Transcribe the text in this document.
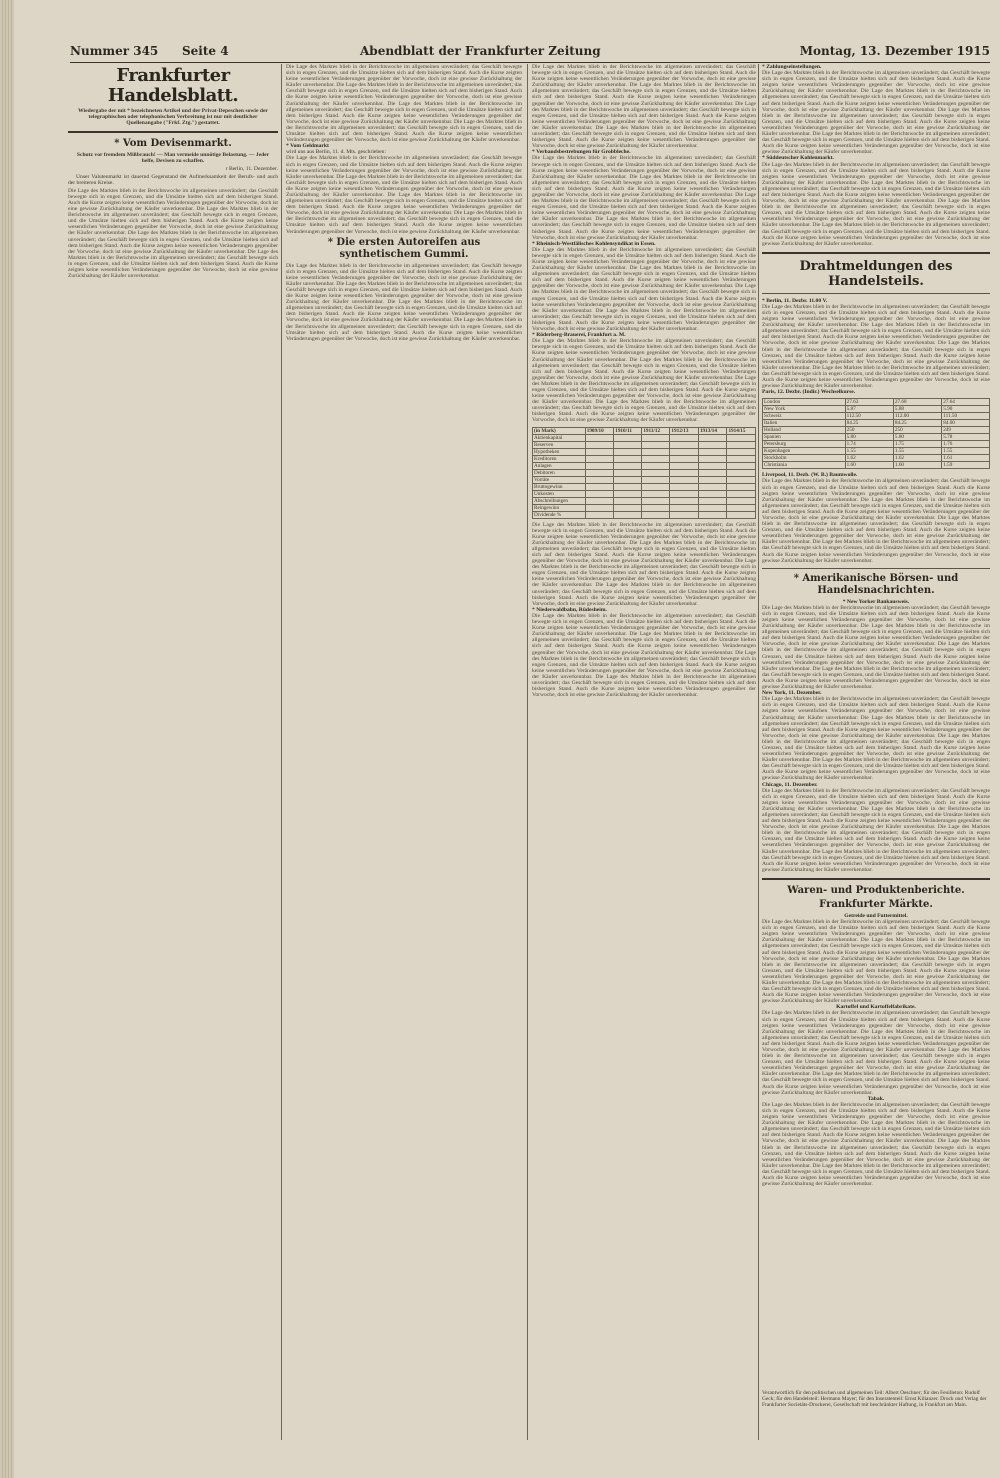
Nummer 345 Seite 4	Abendblatt der Frankfurter Zeitung	Montag, 13. Dezember 1915
Frankfurter Handelsblatt.
Wiedergabe der mit * bezeichneten Artikel und der Privat-Depeschen sowie der telegraphischen oder telephonischen Verbreitung ist nur mit deutlicher Quellenangabe ("Frkf. Ztg.") gestattet.
* Vom Devisenmarkt.
Schutz vor fremdem Mißbrauch! — Man vermeide unnötige Belastung. — Jeder helfe, Devisen zu schaffen.
r Berlin, 11. Dezember.

Unser Valutenmarkt ist dauernd Gegenstand der Aufmerksamkeit der Berufs- und auch der breiteren Kreise.

Die Lage des Marktes blieb in der Berichtswoche im allgemeinen unverändert; das Geschäft bewegte sich in engen Grenzen, und die Umsätze hielten sich auf dem bisherigen Stand. Auch die Kurse zeigten keine wesentlichen Veränderungen gegenüber der Vorwoche, doch ist eine gewisse Zurückhaltung der Käufer unverkennbar. Die Lage des Marktes blieb in der Berichtswoche im allgemeinen unverändert; das Geschäft bewegte sich in engen Grenzen, und die Umsätze hielten sich auf dem bisherigen Stand. Auch die Kurse zeigten keine wesentlichen Veränderungen gegenüber der Vorwoche, doch ist eine gewisse Zurückhaltung der Käufer unverkennbar. Die Lage des Marktes blieb in der Berichtswoche im allgemeinen unverändert; das Geschäft bewegte sich in engen Grenzen, und die Umsätze hielten sich auf dem bisherigen Stand. Auch die Kurse zeigten keine wesentlichen Veränderungen gegenüber der Vorwoche, doch ist eine gewisse Zurückhaltung der Käufer unverkennbar. Die Lage des Marktes blieb in der Berichtswoche im allgemeinen unverändert; das Geschäft bewegte sich in engen Grenzen, und die Umsätze hielten sich auf dem bisherigen Stand. Auch die Kurse zeigten keine wesentlichen Veränderungen gegenüber der Vorwoche, doch ist eine gewisse Zurückhaltung der Käufer unverkennbar.
Die Lage des Marktes blieb in der Berichtswoche im allgemeinen unverändert; das Geschäft bewegte sich in engen Grenzen, und die Umsätze hielten sich auf dem bisherigen Stand. Auch die Kurse zeigten keine wesentlichen Veränderungen gegenüber der Vorwoche, doch ist eine gewisse Zurückhaltung der Käufer unverkennbar. Die Lage des Marktes blieb in der Berichtswoche im allgemeinen unverändert; das Geschäft bewegte sich in engen Grenzen, und die Umsätze hielten sich auf dem bisherigen Stand. Auch die Kurse zeigten keine wesentlichen Veränderungen gegenüber der Vorwoche, doch ist eine gewisse Zurückhaltung der Käufer unverkennbar. Die Lage des Marktes blieb in der Berichtswoche im allgemeinen unverändert; das Geschäft bewegte sich in engen Grenzen, und die Umsätze hielten sich auf dem bisherigen Stand. Auch die Kurse zeigten keine wesentlichen Veränderungen gegenüber der Vorwoche, doch ist eine gewisse Zurückhaltung der Käufer unverkennbar. Die Lage des Marktes blieb in der Berichtswoche im allgemeinen unverändert; das Geschäft bewegte sich in engen Grenzen, und die Umsätze hielten sich auf dem bisherigen Stand. Auch die Kurse zeigten keine wesentlichen Veränderungen gegenüber der Vorwoche, doch ist eine gewisse Zurückhaltung der Käufer unverkennbar.
* Vom Geldmarkt
wird uns aus Berlin, 11. d. Mts. geschrieben:
Die Lage des Marktes blieb in der Berichtswoche im allgemeinen unverändert; das Geschäft bewegte sich in engen Grenzen, und die Umsätze hielten sich auf dem bisherigen Stand. Auch die Kurse zeigten keine wesentlichen Veränderungen gegenüber der Vorwoche, doch ist eine gewisse Zurückhaltung der Käufer unverkennbar. Die Lage des Marktes blieb in der Berichtswoche im allgemeinen unverändert; das Geschäft bewegte sich in engen Grenzen, und die Umsätze hielten sich auf dem bisherigen Stand. Auch die Kurse zeigten keine wesentlichen Veränderungen gegenüber der Vorwoche, doch ist eine gewisse Zurückhaltung der Käufer unverkennbar. Die Lage des Marktes blieb in der Berichtswoche im allgemeinen unverändert; das Geschäft bewegte sich in engen Grenzen, und die Umsätze hielten sich auf dem bisherigen Stand. Auch die Kurse zeigten keine wesentlichen Veränderungen gegenüber der Vorwoche, doch ist eine gewisse Zurückhaltung der Käufer unverkennbar. Die Lage des Marktes blieb in der Berichtswoche im allgemeinen unverändert; das Geschäft bewegte sich in engen Grenzen, und die Umsätze hielten sich auf dem bisherigen Stand. Auch die Kurse zeigten keine wesentlichen Veränderungen gegenüber der Vorwoche, doch ist eine gewisse Zurückhaltung der Käufer unverkennbar.
* Die ersten Autoreifen aus synthetischem Gummi.
Die Lage des Marktes blieb in der Berichtswoche im allgemeinen unverändert; das Geschäft bewegte sich in engen Grenzen, und die Umsätze hielten sich auf dem bisherigen Stand. Auch die Kurse zeigten keine wesentlichen Veränderungen gegenüber der Vorwoche, doch ist eine gewisse Zurückhaltung der Käufer unverkennbar. Die Lage des Marktes blieb in der Berichtswoche im allgemeinen unverändert; das Geschäft bewegte sich in engen Grenzen, und die Umsätze hielten sich auf dem bisherigen Stand. Auch die Kurse zeigten keine wesentlichen Veränderungen gegenüber der Vorwoche, doch ist eine gewisse Zurückhaltung der Käufer unverkennbar. Die Lage des Marktes blieb in der Berichtswoche im allgemeinen unverändert; das Geschäft bewegte sich in engen Grenzen, und die Umsätze hielten sich auf dem bisherigen Stand. Auch die Kurse zeigten keine wesentlichen Veränderungen gegenüber der Vorwoche, doch ist eine gewisse Zurückhaltung der Käufer unverkennbar. Die Lage des Marktes blieb in der Berichtswoche im allgemeinen unverändert; das Geschäft bewegte sich in engen Grenzen, und die Umsätze hielten sich auf dem bisherigen Stand. Auch die Kurse zeigten keine wesentlichen Veränderungen gegenüber der Vorwoche, doch ist eine gewisse Zurückhaltung der Käufer unverkennbar.
Die Lage des Marktes blieb in der Berichtswoche im allgemeinen unverändert; das Geschäft bewegte sich in engen Grenzen, und die Umsätze hielten sich auf dem bisherigen Stand. Auch die Kurse zeigten keine wesentlichen Veränderungen gegenüber der Vorwoche, doch ist eine gewisse Zurückhaltung der Käufer unverkennbar. Die Lage des Marktes blieb in der Berichtswoche im allgemeinen unverändert; das Geschäft bewegte sich in engen Grenzen, und die Umsätze hielten sich auf dem bisherigen Stand. Auch die Kurse zeigten keine wesentlichen Veränderungen gegenüber der Vorwoche, doch ist eine gewisse Zurückhaltung der Käufer unverkennbar. Die Lage des Marktes blieb in der Berichtswoche im allgemeinen unverändert; das Geschäft bewegte sich in engen Grenzen, und die Umsätze hielten sich auf dem bisherigen Stand. Auch die Kurse zeigten keine wesentlichen Veränderungen gegenüber der Vorwoche, doch ist eine gewisse Zurückhaltung der Käufer unverkennbar. Die Lage des Marktes blieb in der Berichtswoche im allgemeinen unverändert; das Geschäft bewegte sich in engen Grenzen, und die Umsätze hielten sich auf dem bisherigen Stand. Auch die Kurse zeigten keine wesentlichen Veränderungen gegenüber der Vorwoche, doch ist eine gewisse Zurückhaltung der Käufer unverkennbar.
* Verbandsbestrebungen für Grobbleche.
Die Lage des Marktes blieb in der Berichtswoche im allgemeinen unverändert; das Geschäft bewegte sich in engen Grenzen, und die Umsätze hielten sich auf dem bisherigen Stand. Auch die Kurse zeigten keine wesentlichen Veränderungen gegenüber der Vorwoche, doch ist eine gewisse Zurückhaltung der Käufer unverkennbar. Die Lage des Marktes blieb in der Berichtswoche im allgemeinen unverändert; das Geschäft bewegte sich in engen Grenzen, und die Umsätze hielten sich auf dem bisherigen Stand. Auch die Kurse zeigten keine wesentlichen Veränderungen gegenüber der Vorwoche, doch ist eine gewisse Zurückhaltung der Käufer unverkennbar. Die Lage des Marktes blieb in der Berichtswoche im allgemeinen unverändert; das Geschäft bewegte sich in engen Grenzen, und die Umsätze hielten sich auf dem bisherigen Stand. Auch die Kurse zeigten keine wesentlichen Veränderungen gegenüber der Vorwoche, doch ist eine gewisse Zurückhaltung der Käufer unverkennbar. Die Lage des Marktes blieb in der Berichtswoche im allgemeinen unverändert; das Geschäft bewegte sich in engen Grenzen, und die Umsätze hielten sich auf dem bisherigen Stand. Auch die Kurse zeigten keine wesentlichen Veränderungen gegenüber der Vorwoche, doch ist eine gewisse Zurückhaltung der Käufer unverkennbar.
* Rheinisch-Westfälisches Kohlensyndikat in Essen.
Die Lage des Marktes blieb in der Berichtswoche im allgemeinen unverändert; das Geschäft bewegte sich in engen Grenzen, und die Umsätze hielten sich auf dem bisherigen Stand. Auch die Kurse zeigten keine wesentlichen Veränderungen gegenüber der Vorwoche, doch ist eine gewisse Zurückhaltung der Käufer unverkennbar. Die Lage des Marktes blieb in der Berichtswoche im allgemeinen unverändert; das Geschäft bewegte sich in engen Grenzen, und die Umsätze hielten sich auf dem bisherigen Stand. Auch die Kurse zeigten keine wesentlichen Veränderungen gegenüber der Vorwoche, doch ist eine gewisse Zurückhaltung der Käufer unverkennbar. Die Lage des Marktes blieb in der Berichtswoche im allgemeinen unverändert; das Geschäft bewegte sich in engen Grenzen, und die Umsätze hielten sich auf dem bisherigen Stand. Auch die Kurse zeigten keine wesentlichen Veränderungen gegenüber der Vorwoche, doch ist eine gewisse Zurückhaltung der Käufer unverkennbar. Die Lage des Marktes blieb in der Berichtswoche im allgemeinen unverändert; das Geschäft bewegte sich in engen Grenzen, und die Umsätze hielten sich auf dem bisherigen Stand. Auch die Kurse zeigten keine wesentlichen Veränderungen gegenüber der Vorwoche, doch ist eine gewisse Zurückhaltung der Käufer unverkennbar.
* Röderberg-Brauerei, Frankfurt a. M.
Die Lage des Marktes blieb in der Berichtswoche im allgemeinen unverändert; das Geschäft bewegte sich in engen Grenzen, und die Umsätze hielten sich auf dem bisherigen Stand. Auch die Kurse zeigten keine wesentlichen Veränderungen gegenüber der Vorwoche, doch ist eine gewisse Zurückhaltung der Käufer unverkennbar. Die Lage des Marktes blieb in der Berichtswoche im allgemeinen unverändert; das Geschäft bewegte sich in engen Grenzen, und die Umsätze hielten sich auf dem bisherigen Stand. Auch die Kurse zeigten keine wesentlichen Veränderungen gegenüber der Vorwoche, doch ist eine gewisse Zurückhaltung der Käufer unverkennbar. Die Lage des Marktes blieb in der Berichtswoche im allgemeinen unverändert; das Geschäft bewegte sich in engen Grenzen, und die Umsätze hielten sich auf dem bisherigen Stand. Auch die Kurse zeigten keine wesentlichen Veränderungen gegenüber der Vorwoche, doch ist eine gewisse Zurückhaltung der Käufer unverkennbar. Die Lage des Marktes blieb in der Berichtswoche im allgemeinen unverändert; das Geschäft bewegte sich in engen Grenzen, und die Umsätze hielten sich auf dem bisherigen Stand. Auch die Kurse zeigten keine wesentlichen Veränderungen gegenüber der Vorwoche, doch ist eine gewisse Zurückhaltung der Käufer unverkennbar.
(in Mark)	1909/10	1910/11	1911/12	1912/13	1913/14	1914/15
Aktienkapital						
Reserven						
Hypotheken						
Kreditoren						
Anlagen						
Debitoren						
Vorräte						
Bruttogewinn						
Unkosten						
Abschreibungen						
Reingewinn						
Dividende %						
Die Lage des Marktes blieb in der Berichtswoche im allgemeinen unverändert; das Geschäft bewegte sich in engen Grenzen, und die Umsätze hielten sich auf dem bisherigen Stand. Auch die Kurse zeigten keine wesentlichen Veränderungen gegenüber der Vorwoche, doch ist eine gewisse Zurückhaltung der Käufer unverkennbar. Die Lage des Marktes blieb in der Berichtswoche im allgemeinen unverändert; das Geschäft bewegte sich in engen Grenzen, und die Umsätze hielten sich auf dem bisherigen Stand. Auch die Kurse zeigten keine wesentlichen Veränderungen gegenüber der Vorwoche, doch ist eine gewisse Zurückhaltung der Käufer unverkennbar. Die Lage des Marktes blieb in der Berichtswoche im allgemeinen unverändert; das Geschäft bewegte sich in engen Grenzen, und die Umsätze hielten sich auf dem bisherigen Stand. Auch die Kurse zeigten keine wesentlichen Veränderungen gegenüber der Vorwoche, doch ist eine gewisse Zurückhaltung der Käufer unverkennbar. Die Lage des Marktes blieb in der Berichtswoche im allgemeinen unverändert; das Geschäft bewegte sich in engen Grenzen, und die Umsätze hielten sich auf dem bisherigen Stand. Auch die Kurse zeigten keine wesentlichen Veränderungen gegenüber der Vorwoche, doch ist eine gewisse Zurückhaltung der Käufer unverkennbar.
* Niederwaldbahn, Rüdesheim.
Die Lage des Marktes blieb in der Berichtswoche im allgemeinen unverändert; das Geschäft bewegte sich in engen Grenzen, und die Umsätze hielten sich auf dem bisherigen Stand. Auch die Kurse zeigten keine wesentlichen Veränderungen gegenüber der Vorwoche, doch ist eine gewisse Zurückhaltung der Käufer unverkennbar. Die Lage des Marktes blieb in der Berichtswoche im allgemeinen unverändert; das Geschäft bewegte sich in engen Grenzen, und die Umsätze hielten sich auf dem bisherigen Stand. Auch die Kurse zeigten keine wesentlichen Veränderungen gegenüber der Vorwoche, doch ist eine gewisse Zurückhaltung der Käufer unverkennbar. Die Lage des Marktes blieb in der Berichtswoche im allgemeinen unverändert; das Geschäft bewegte sich in engen Grenzen, und die Umsätze hielten sich auf dem bisherigen Stand. Auch die Kurse zeigten keine wesentlichen Veränderungen gegenüber der Vorwoche, doch ist eine gewisse Zurückhaltung der Käufer unverkennbar. Die Lage des Marktes blieb in der Berichtswoche im allgemeinen unverändert; das Geschäft bewegte sich in engen Grenzen, und die Umsätze hielten sich auf dem bisherigen Stand. Auch die Kurse zeigten keine wesentlichen Veränderungen gegenüber der Vorwoche, doch ist eine gewisse Zurückhaltung der Käufer unverkennbar.
* Zahlungseinstellungen.
Die Lage des Marktes blieb in der Berichtswoche im allgemeinen unverändert; das Geschäft bewegte sich in engen Grenzen, und die Umsätze hielten sich auf dem bisherigen Stand. Auch die Kurse zeigten keine wesentlichen Veränderungen gegenüber der Vorwoche, doch ist eine gewisse Zurückhaltung der Käufer unverkennbar. Die Lage des Marktes blieb in der Berichtswoche im allgemeinen unverändert; das Geschäft bewegte sich in engen Grenzen, und die Umsätze hielten sich auf dem bisherigen Stand. Auch die Kurse zeigten keine wesentlichen Veränderungen gegenüber der Vorwoche, doch ist eine gewisse Zurückhaltung der Käufer unverkennbar. Die Lage des Marktes blieb in der Berichtswoche im allgemeinen unverändert; das Geschäft bewegte sich in engen Grenzen, und die Umsätze hielten sich auf dem bisherigen Stand. Auch die Kurse zeigten keine wesentlichen Veränderungen gegenüber der Vorwoche, doch ist eine gewisse Zurückhaltung der Käufer unverkennbar. Die Lage des Marktes blieb in der Berichtswoche im allgemeinen unverändert; das Geschäft bewegte sich in engen Grenzen, und die Umsätze hielten sich auf dem bisherigen Stand. Auch die Kurse zeigten keine wesentlichen Veränderungen gegenüber der Vorwoche, doch ist eine gewisse Zurückhaltung der Käufer unverkennbar.
* Süddeutscher Kohlenmarkt.
Die Lage des Marktes blieb in der Berichtswoche im allgemeinen unverändert; das Geschäft bewegte sich in engen Grenzen, und die Umsätze hielten sich auf dem bisherigen Stand. Auch die Kurse zeigten keine wesentlichen Veränderungen gegenüber der Vorwoche, doch ist eine gewisse Zurückhaltung der Käufer unverkennbar. Die Lage des Marktes blieb in der Berichtswoche im allgemeinen unverändert; das Geschäft bewegte sich in engen Grenzen, und die Umsätze hielten sich auf dem bisherigen Stand. Auch die Kurse zeigten keine wesentlichen Veränderungen gegenüber der Vorwoche, doch ist eine gewisse Zurückhaltung der Käufer unverkennbar. Die Lage des Marktes blieb in der Berichtswoche im allgemeinen unverändert; das Geschäft bewegte sich in engen Grenzen, und die Umsätze hielten sich auf dem bisherigen Stand. Auch die Kurse zeigten keine wesentlichen Veränderungen gegenüber der Vorwoche, doch ist eine gewisse Zurückhaltung der Käufer unverkennbar. Die Lage des Marktes blieb in der Berichtswoche im allgemeinen unverändert; das Geschäft bewegte sich in engen Grenzen, und die Umsätze hielten sich auf dem bisherigen Stand. Auch die Kurse zeigten keine wesentlichen Veränderungen gegenüber der Vorwoche, doch ist eine gewisse Zurückhaltung der Käufer unverkennbar.
Drahtmeldungen des Handelsteils.
* Berlin, 11. Dezbr. 11.00 V.
Die Lage des Marktes blieb in der Berichtswoche im allgemeinen unverändert; das Geschäft bewegte sich in engen Grenzen, und die Umsätze hielten sich auf dem bisherigen Stand. Auch die Kurse zeigten keine wesentlichen Veränderungen gegenüber der Vorwoche, doch ist eine gewisse Zurückhaltung der Käufer unverkennbar. Die Lage des Marktes blieb in der Berichtswoche im allgemeinen unverändert; das Geschäft bewegte sich in engen Grenzen, und die Umsätze hielten sich auf dem bisherigen Stand. Auch die Kurse zeigten keine wesentlichen Veränderungen gegenüber der Vorwoche, doch ist eine gewisse Zurückhaltung der Käufer unverkennbar. Die Lage des Marktes blieb in der Berichtswoche im allgemeinen unverändert; das Geschäft bewegte sich in engen Grenzen, und die Umsätze hielten sich auf dem bisherigen Stand. Auch die Kurse zeigten keine wesentlichen Veränderungen gegenüber der Vorwoche, doch ist eine gewisse Zurückhaltung der Käufer unverkennbar. Die Lage des Marktes blieb in der Berichtswoche im allgemeinen unverändert; das Geschäft bewegte sich in engen Grenzen, und die Umsätze hielten sich auf dem bisherigen Stand. Auch die Kurse zeigten keine wesentlichen Veränderungen gegenüber der Vorwoche, doch ist eine gewisse Zurückhaltung der Käufer unverkennbar.
Paris, 12. Dezbr. (Indir.) Wechselkurse.
London	27.63	27.68	27.64
New York	5.87	5.88	5.90
Schweiz	112.50	112.00	111.50
Italien	84.25	84.25	84.00
Holland	250	250	249
Spanien	5.80	5.80	5.78
Petersburg	1.74	1.75	1.76
Kopenhagen	1.55	1.55	1.55
Stockholm	1.62	1.62	1.61
Christiania	1.60	1.60	1.59
Liverpool, 11. Dezb. (W. B.) Baumwolle.
Die Lage des Marktes blieb in der Berichtswoche im allgemeinen unverändert; das Geschäft bewegte sich in engen Grenzen, und die Umsätze hielten sich auf dem bisherigen Stand. Auch die Kurse zeigten keine wesentlichen Veränderungen gegenüber der Vorwoche, doch ist eine gewisse Zurückhaltung der Käufer unverkennbar. Die Lage des Marktes blieb in der Berichtswoche im allgemeinen unverändert; das Geschäft bewegte sich in engen Grenzen, und die Umsätze hielten sich auf dem bisherigen Stand. Auch die Kurse zeigten keine wesentlichen Veränderungen gegenüber der Vorwoche, doch ist eine gewisse Zurückhaltung der Käufer unverkennbar. Die Lage des Marktes blieb in der Berichtswoche im allgemeinen unverändert; das Geschäft bewegte sich in engen Grenzen, und die Umsätze hielten sich auf dem bisherigen Stand. Auch die Kurse zeigten keine wesentlichen Veränderungen gegenüber der Vorwoche, doch ist eine gewisse Zurückhaltung der Käufer unverkennbar. Die Lage des Marktes blieb in der Berichtswoche im allgemeinen unverändert; das Geschäft bewegte sich in engen Grenzen, und die Umsätze hielten sich auf dem bisherigen Stand. Auch die Kurse zeigten keine wesentlichen Veränderungen gegenüber der Vorwoche, doch ist eine gewisse Zurückhaltung der Käufer unverkennbar.
* Amerikanische Börsen- und Handelsnachrichten.
* New Yorker Bankausweis.
Die Lage des Marktes blieb in der Berichtswoche im allgemeinen unverändert; das Geschäft bewegte sich in engen Grenzen, und die Umsätze hielten sich auf dem bisherigen Stand. Auch die Kurse zeigten keine wesentlichen Veränderungen gegenüber der Vorwoche, doch ist eine gewisse Zurückhaltung der Käufer unverkennbar. Die Lage des Marktes blieb in der Berichtswoche im allgemeinen unverändert; das Geschäft bewegte sich in engen Grenzen, und die Umsätze hielten sich auf dem bisherigen Stand. Auch die Kurse zeigten keine wesentlichen Veränderungen gegenüber der Vorwoche, doch ist eine gewisse Zurückhaltung der Käufer unverkennbar. Die Lage des Marktes blieb in der Berichtswoche im allgemeinen unverändert; das Geschäft bewegte sich in engen Grenzen, und die Umsätze hielten sich auf dem bisherigen Stand. Auch die Kurse zeigten keine wesentlichen Veränderungen gegenüber der Vorwoche, doch ist eine gewisse Zurückhaltung der Käufer unverkennbar. Die Lage des Marktes blieb in der Berichtswoche im allgemeinen unverändert; das Geschäft bewegte sich in engen Grenzen, und die Umsätze hielten sich auf dem bisherigen Stand. Auch die Kurse zeigten keine wesentlichen Veränderungen gegenüber der Vorwoche, doch ist eine gewisse Zurückhaltung der Käufer unverkennbar.
New York, 11. Dezember.
Die Lage des Marktes blieb in der Berichtswoche im allgemeinen unverändert; das Geschäft bewegte sich in engen Grenzen, und die Umsätze hielten sich auf dem bisherigen Stand. Auch die Kurse zeigten keine wesentlichen Veränderungen gegenüber der Vorwoche, doch ist eine gewisse Zurückhaltung der Käufer unverkennbar. Die Lage des Marktes blieb in der Berichtswoche im allgemeinen unverändert; das Geschäft bewegte sich in engen Grenzen, und die Umsätze hielten sich auf dem bisherigen Stand. Auch die Kurse zeigten keine wesentlichen Veränderungen gegenüber der Vorwoche, doch ist eine gewisse Zurückhaltung der Käufer unverkennbar. Die Lage des Marktes blieb in der Berichtswoche im allgemeinen unverändert; das Geschäft bewegte sich in engen Grenzen, und die Umsätze hielten sich auf dem bisherigen Stand. Auch die Kurse zeigten keine wesentlichen Veränderungen gegenüber der Vorwoche, doch ist eine gewisse Zurückhaltung der Käufer unverkennbar. Die Lage des Marktes blieb in der Berichtswoche im allgemeinen unverändert; das Geschäft bewegte sich in engen Grenzen, und die Umsätze hielten sich auf dem bisherigen Stand. Auch die Kurse zeigten keine wesentlichen Veränderungen gegenüber der Vorwoche, doch ist eine gewisse Zurückhaltung der Käufer unverkennbar.
Chicago, 11. Dezember.
Die Lage des Marktes blieb in der Berichtswoche im allgemeinen unverändert; das Geschäft bewegte sich in engen Grenzen, und die Umsätze hielten sich auf dem bisherigen Stand. Auch die Kurse zeigten keine wesentlichen Veränderungen gegenüber der Vorwoche, doch ist eine gewisse Zurückhaltung der Käufer unverkennbar. Die Lage des Marktes blieb in der Berichtswoche im allgemeinen unverändert; das Geschäft bewegte sich in engen Grenzen, und die Umsätze hielten sich auf dem bisherigen Stand. Auch die Kurse zeigten keine wesentlichen Veränderungen gegenüber der Vorwoche, doch ist eine gewisse Zurückhaltung der Käufer unverkennbar. Die Lage des Marktes blieb in der Berichtswoche im allgemeinen unverändert; das Geschäft bewegte sich in engen Grenzen, und die Umsätze hielten sich auf dem bisherigen Stand. Auch die Kurse zeigten keine wesentlichen Veränderungen gegenüber der Vorwoche, doch ist eine gewisse Zurückhaltung der Käufer unverkennbar. Die Lage des Marktes blieb in der Berichtswoche im allgemeinen unverändert; das Geschäft bewegte sich in engen Grenzen, und die Umsätze hielten sich auf dem bisherigen Stand. Auch die Kurse zeigten keine wesentlichen Veränderungen gegenüber der Vorwoche, doch ist eine gewisse Zurückhaltung der Käufer unverkennbar.
Waren- und Produktenberichte.
Frankfurter Märkte.
Getreide und Futtermittel.
Die Lage des Marktes blieb in der Berichtswoche im allgemeinen unverändert; das Geschäft bewegte sich in engen Grenzen, und die Umsätze hielten sich auf dem bisherigen Stand. Auch die Kurse zeigten keine wesentlichen Veränderungen gegenüber der Vorwoche, doch ist eine gewisse Zurückhaltung der Käufer unverkennbar. Die Lage des Marktes blieb in der Berichtswoche im allgemeinen unverändert; das Geschäft bewegte sich in engen Grenzen, und die Umsätze hielten sich auf dem bisherigen Stand. Auch die Kurse zeigten keine wesentlichen Veränderungen gegenüber der Vorwoche, doch ist eine gewisse Zurückhaltung der Käufer unverkennbar. Die Lage des Marktes blieb in der Berichtswoche im allgemeinen unverändert; das Geschäft bewegte sich in engen Grenzen, und die Umsätze hielten sich auf dem bisherigen Stand. Auch die Kurse zeigten keine wesentlichen Veränderungen gegenüber der Vorwoche, doch ist eine gewisse Zurückhaltung der Käufer unverkennbar. Die Lage des Marktes blieb in der Berichtswoche im allgemeinen unverändert; das Geschäft bewegte sich in engen Grenzen, und die Umsätze hielten sich auf dem bisherigen Stand. Auch die Kurse zeigten keine wesentlichen Veränderungen gegenüber der Vorwoche, doch ist eine gewisse Zurückhaltung der Käufer unverkennbar.
Kartoffel und Kartoffelfabrikate.
Die Lage des Marktes blieb in der Berichtswoche im allgemeinen unverändert; das Geschäft bewegte sich in engen Grenzen, und die Umsätze hielten sich auf dem bisherigen Stand. Auch die Kurse zeigten keine wesentlichen Veränderungen gegenüber der Vorwoche, doch ist eine gewisse Zurückhaltung der Käufer unverkennbar. Die Lage des Marktes blieb in der Berichtswoche im allgemeinen unverändert; das Geschäft bewegte sich in engen Grenzen, und die Umsätze hielten sich auf dem bisherigen Stand. Auch die Kurse zeigten keine wesentlichen Veränderungen gegenüber der Vorwoche, doch ist eine gewisse Zurückhaltung der Käufer unverkennbar. Die Lage des Marktes blieb in der Berichtswoche im allgemeinen unverändert; das Geschäft bewegte sich in engen Grenzen, und die Umsätze hielten sich auf dem bisherigen Stand. Auch die Kurse zeigten keine wesentlichen Veränderungen gegenüber der Vorwoche, doch ist eine gewisse Zurückhaltung der Käufer unverkennbar. Die Lage des Marktes blieb in der Berichtswoche im allgemeinen unverändert; das Geschäft bewegte sich in engen Grenzen, und die Umsätze hielten sich auf dem bisherigen Stand. Auch die Kurse zeigten keine wesentlichen Veränderungen gegenüber der Vorwoche, doch ist eine gewisse Zurückhaltung der Käufer unverkennbar.
Tabak.
Die Lage des Marktes blieb in der Berichtswoche im allgemeinen unverändert; das Geschäft bewegte sich in engen Grenzen, und die Umsätze hielten sich auf dem bisherigen Stand. Auch die Kurse zeigten keine wesentlichen Veränderungen gegenüber der Vorwoche, doch ist eine gewisse Zurückhaltung der Käufer unverkennbar. Die Lage des Marktes blieb in der Berichtswoche im allgemeinen unverändert; das Geschäft bewegte sich in engen Grenzen, und die Umsätze hielten sich auf dem bisherigen Stand. Auch die Kurse zeigten keine wesentlichen Veränderungen gegenüber der Vorwoche, doch ist eine gewisse Zurückhaltung der Käufer unverkennbar. Die Lage des Marktes blieb in der Berichtswoche im allgemeinen unverändert; das Geschäft bewegte sich in engen Grenzen, und die Umsätze hielten sich auf dem bisherigen Stand. Auch die Kurse zeigten keine wesentlichen Veränderungen gegenüber der Vorwoche, doch ist eine gewisse Zurückhaltung der Käufer unverkennbar. Die Lage des Marktes blieb in der Berichtswoche im allgemeinen unverändert; das Geschäft bewegte sich in engen Grenzen, und die Umsätze hielten sich auf dem bisherigen Stand. Auch die Kurse zeigten keine wesentlichen Veränderungen gegenüber der Vorwoche, doch ist eine gewisse Zurückhaltung der Käufer unverkennbar.
Verantwortlich für den politischen und allgemeinen Teil: Albert Oeschner; für den Feuilleton: Rudolf Geck; für den Handelsteil: Hermann Mayer; für den Inseratenteil: Ernst Kilianzer. Druck und Verlag der Frankfurter Societäts-Druckerei, Gesellschaft mit beschränkter Haftung, in Frankfurt am Main.
